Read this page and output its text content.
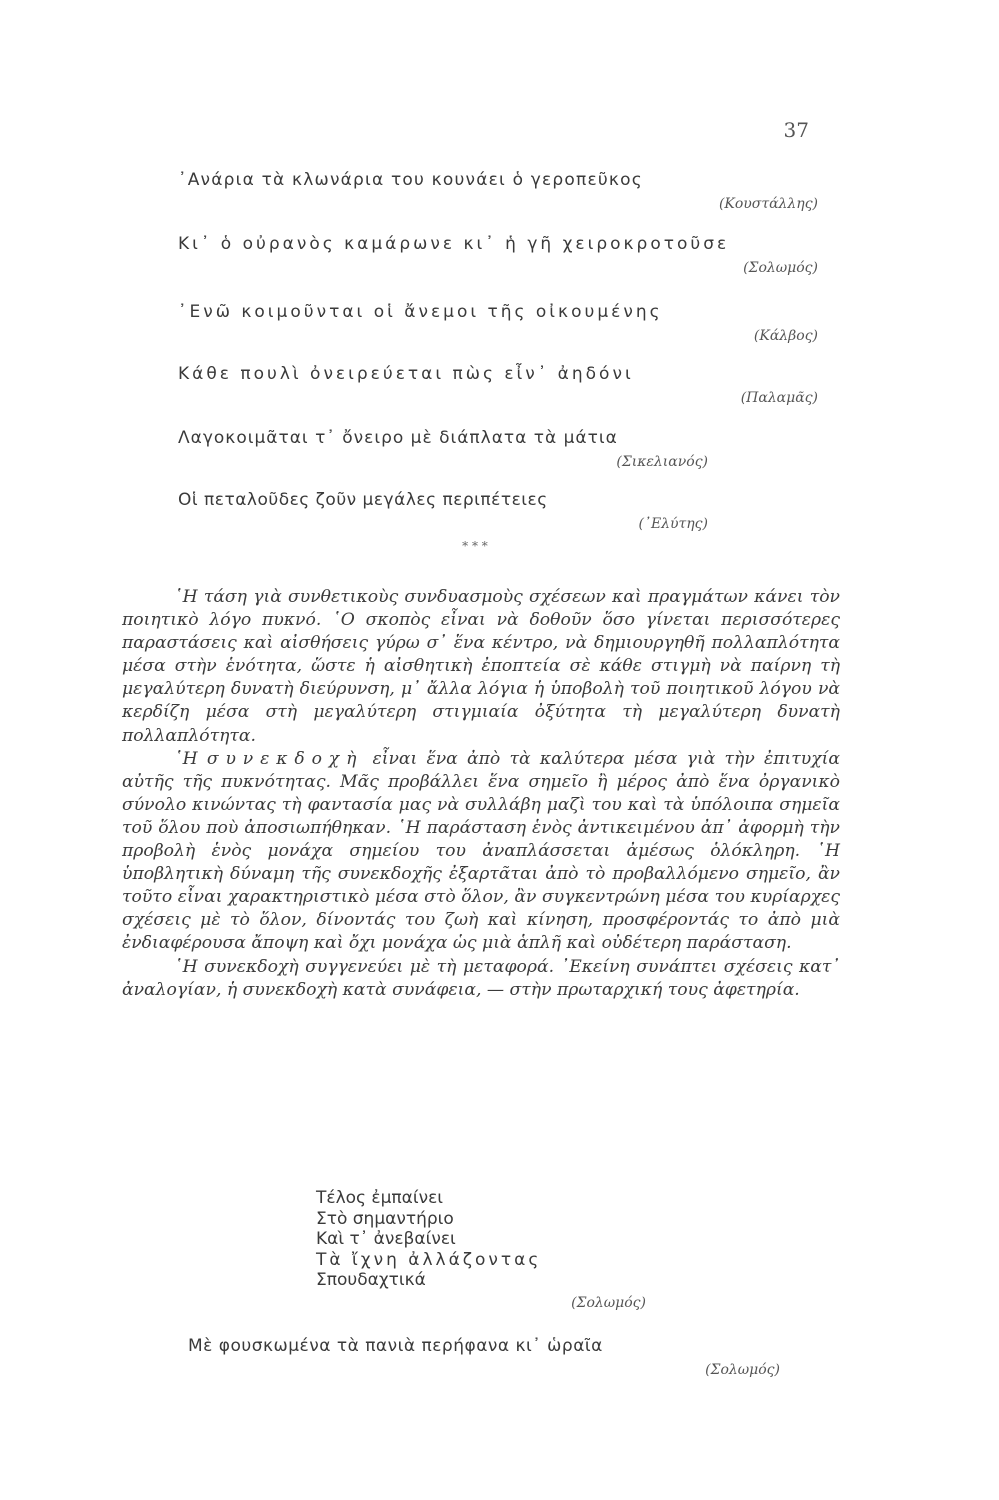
37
᾿Ανάρια τὰ κλωνάρια του κουνάει ὁ γεροπεῦκος
(Κουστάλλης)
Κι᾿ ὁ οὐρανὸς καμάρωνε κι᾿ ἡ γῆ χειροκροτοῦσε
(Σολωμός)
᾿Ενῶ κοιμοῦνται οἱ ἄνεμοι τῆς οἰκουμένης
(Κάλβος)
Κάθε πουλὶ ὀνειρεύεται πὼς εἶν᾿ ἀηδόνι
(Παλαμᾶς)
Λαγοκοιμᾶται τ᾿ ὄνειρο μὲ διάπλατα τὰ μάτια
(Σικελιανός)
Οἱ πεταλοῦδες ζοῦν μεγάλες περιπέτειες
(᾿Ελύτης)
* * *

῾Η τάση γιὰ συνθετικοὺς συνδυασμοὺς σχέσεων καὶ πραγμάτων κάνει τὸν ποιητικὸ λόγο πυκνό. ῾Ο σκοπὸς εἶναι νὰ δοθοῦν ὅσο γίνεται περισσότερες παραστάσεις καὶ αἰσθήσεις γύρω σ᾿ ἕνα κέντρο, νὰ δημιουργηθῆ πολλαπλότητα μέσα στὴν ἑνότητα, ὥστε ἡ αἰσθητικὴ ἐποπτεία σὲ κάθε στιγμὴ νὰ παίρνη τὴ μεγαλύτερη δυνατὴ διεύρυνση, μ᾿ ἄλλα λόγια ἡ ὑποβολὴ τοῦ ποιητικοῦ λόγου νὰ κερδίζη μέσα στὴ μεγαλύτερη στιγμιαία ὀξύτητα τὴ μεγαλύτερη δυνατὴ πολλαπλότητα.

῾Η συνεκδοχὴ εἶναι ἕνα ἀπὸ τὰ καλύτερα μέσα γιὰ τὴν ἐπιτυχία αὐτῆς τῆς πυκνότητας. Μᾶς προβάλλει ἕνα σημεῖο ἢ μέρος ἀπὸ ἕνα ὀργανικὸ σύνολο κινώντας τὴ φαντασία μας νὰ συλλάβη μαζὶ του καὶ τὰ ὑπόλοιπα σημεῖα τοῦ ὅλου ποὺ ἀποσιωπήθηκαν. ῾Η παράσταση ἑνὸς ἀντικειμένου ἀπ᾿ ἀφορμὴ τὴν προβολὴ ἑνὸς μονάχα σημείου του ἀναπλάσσεται ἀμέσως ὁλόκληρη. ῾Η ὑποβλητικὴ δύναμη τῆς συνεκδοχῆς ἐξαρτᾶται ἀπὸ τὸ προβαλλόμενο σημεῖο, ἂν τοῦτο εἶναι χαρακτηριστικὸ μέσα στὸ ὅλον, ἂν συγκεντρώνη μέσα του κυρίαρχες σχέσεις μὲ τὸ ὅλον, δίνοντάς του ζωὴ καὶ κίνηση, προσφέροντάς το ἀπὸ μιὰ ἐνδιαφέρουσα ἄποψη καὶ ὄχι μονάχα ὡς μιὰ ἁπλῆ καὶ οὐδέτερη παράσταση.

῾Η συνεκδοχὴ συγγενεύει μὲ τὴ μεταφορά. ᾿Εκείνη συνάπτει σχέσεις κατ᾿ ἀναλογίαν, ἡ συνεκδοχὴ κατὰ συνάφεια, — στὴν πρωταρχική τους ἀφετηρία.

Τέλος ἐμπαίνει
Στὸ σημαντήριο
Καὶ τ᾿ ἀνεβαίνει
Τὰ ἴχνη ἀλλάζοντας
Σπουδαχτικά
(Σολωμός)
Μὲ φουσκωμένα τὰ πανιὰ περήφανα κι᾿ ὡραῖα
(Σολωμός)
